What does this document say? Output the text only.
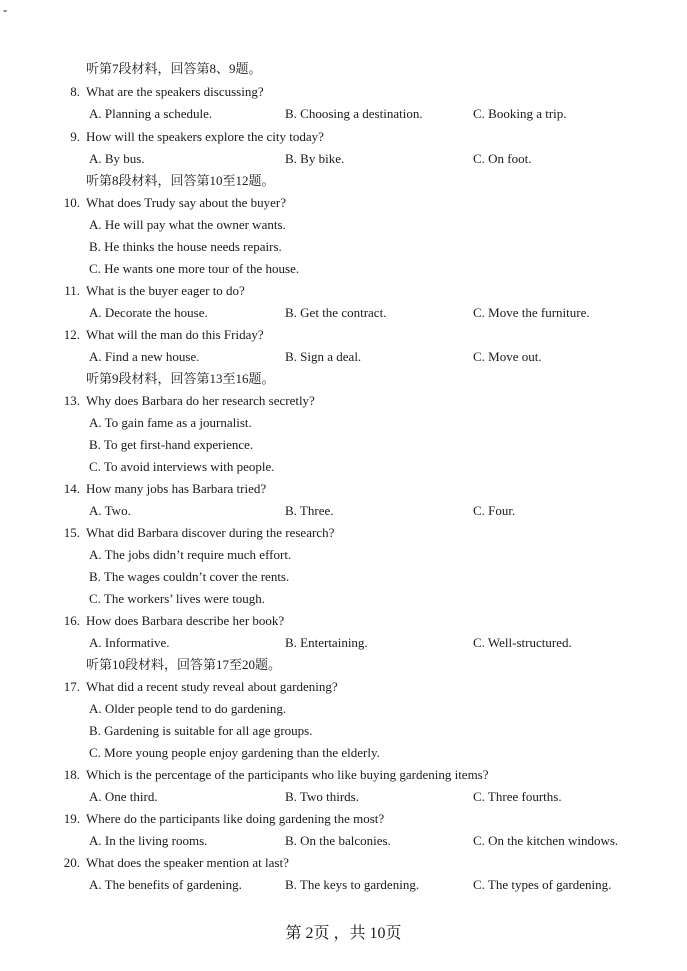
-
听第7段材料，回答第8、9题。
8. What are the speakers discussing?
A. Planning a schedule.	B. Choosing a destination.	C. Booking a trip.
9. How will the speakers explore the city today?
A. By bus.	B. By bike.	C. On foot.
听第8段材料，回答第10至12题。
10. What does Trudy say about the buyer?
A. He will pay what the owner wants.
B. He thinks the house needs repairs.
C. He wants one more tour of the house.
11. What is the buyer eager to do?
A. Decorate the house.	B. Get the contract.	C. Move the furniture.
12. What will the man do this Friday?
A. Find a new house.	B. Sign a deal.	C. Move out.
听第9段材料，回答第13至16题。
13. Why does Barbara do her research secretly?
A. To gain fame as a journalist.
B. To get first-hand experience.
C. To avoid interviews with people.
14. How many jobs has Barbara tried?
A. Two.	B. Three.	C. Four.
15. What did Barbara discover during the research?
A. The jobs didn’t require much effort.
B. The wages couldn’t cover the rents.
C. The workers’ lives were tough.
16. How does Barbara describe her book?
A. Informative.	B. Entertaining.	C. Well-structured.
听第10段材料，回答第17至20题。
17. What did a recent study reveal about gardening?
A. Older people tend to do gardening.
B. Gardening is suitable for all age groups.
C. More young people enjoy gardening than the elderly.
18. Which is the percentage of the participants who like buying gardening items?
A. One third.	B. Two thirds.	C. Three fourths.
19. Where do the participants like doing gardening the most?
A. In the living rooms.	B. On the balconies.	C. On the kitchen windows.
20. What does the speaker mention at last?
A. The benefits of gardening.	B. The keys to gardening.	C. The types of gardening.
第 2页 ，共 10页
